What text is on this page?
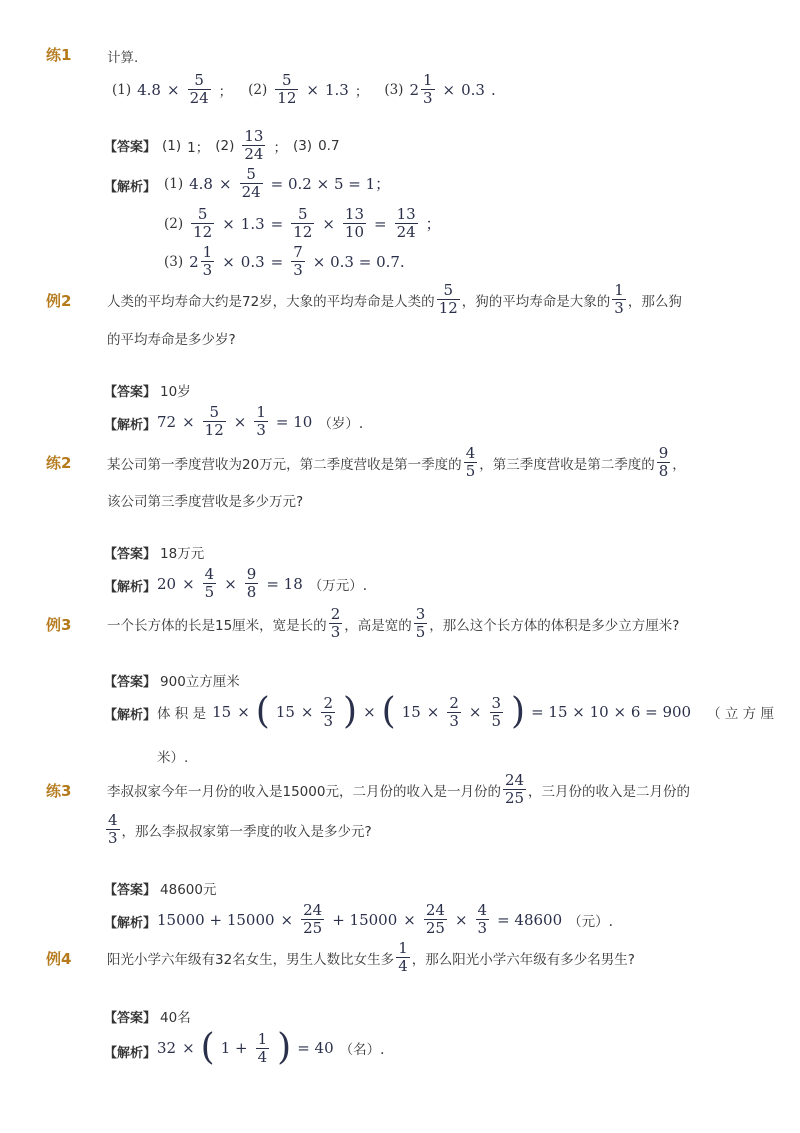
练1	计算.
(1) $4.8 \times \frac{5}{24}$ ； $(2) \frac{5}{12} \times 1.3$ ； (3) $2 \frac{1}{3} \times 0.3$ .
【答案】 (1) 1； $(2) \frac{13}{24}$ ； (3) 0.7
【解析】 (1) $4.8 \times \frac{5}{24} = 0.2 \times 5 = 1$；
$(2) \frac{5}{12} \times 1.3 = \frac{5}{12} \times \frac{13}{10} = \frac{13}{24}$ ；
(3) $2 \frac{1}{3} \times 0.3 = \frac{7}{3} \times 0.3 = 0.7$.
例2	人类的平均寿命大约是72岁，大象的平均寿命是人类的 $\frac{5}{12}$ ，狗的平均寿命是大象的 $\frac{1}{3}$ ，那么狗
的平均寿命是多少岁?
【答案】 10岁
【解析】 $72 \times \frac{5}{12} \times \frac{1}{3} = 10$ （岁）.
练2	某公司第一季度营收为20万元，第二季度营收是第一季度的 $\frac{4}{5}$ ，第三季度营收是第二季度的 $\frac{9}{8}$ ，
该公司第三季度营收是多少万元?
【答案】 18万元
【解析】 $20 \times \frac{4}{5} \times \frac{9}{8} = 18$ （万元）.
例3	一个长方体的长是15厘米，宽是长的 $\frac{2}{3}$ ，高是宽的 $\frac{3}{5}$ ，那么这个长方体的体积是多少立方厘米?
【答案】 900立方厘米
【解析】 体 积 是 15 × ( $15 \times \frac{2}{3}$ ) × ( $15 \times \frac{2}{3} \times \frac{3}{5}$ ) = 15 × 10 × 6 = 900 （ 立 方 厘
米）.
练3	李叔叔家今年一月份的收入是15000元，二月份的收入是一月份的 $\frac{24}{25}$ ，三月份的收入是二月份的
$\frac{4}{3}$ ，那么李叔叔家第一季度的收入是多少元?
【答案】 48600元
【解析】 $15000 + 15000 \times \frac{24}{25} + 15000 \times \frac{24}{25} \times \frac{4}{3} = 48600$ （元）.
例4	阳光小学六年级有32名女生，男生人数比女生多 $\frac{1}{4}$ ，那么阳光小学六年级有多少名男生?
【答案】 40名
【解析】 32 × ( $1 + \frac{1}{4}$ ) = 40 （名）.
